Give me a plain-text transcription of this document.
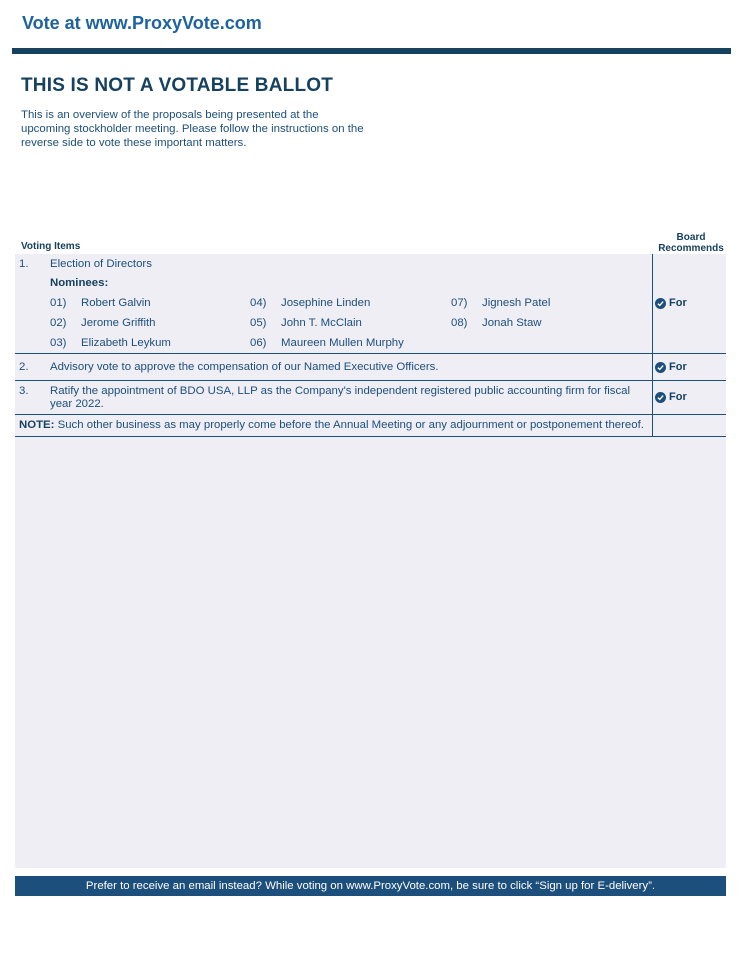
Vote at www.ProxyVote.com
THIS IS NOT A VOTABLE BALLOT
This is an overview of the proposals being presented at the upcoming stockholder meeting. Please follow the instructions on the reverse side to vote these important matters.
Board Recommends
Voting Items
1. Election of Directors
Nominees:
01) Robert Galvin
02) Jerome Griffith
03) Elizabeth Leykum
04) Josephine Linden
05) John T. McClain
06) Maureen Mullen Murphy
07) Jignesh Patel
08) Jonah Staw
For
2. Advisory vote to approve the compensation of our Named Executive Officers.	For
3. Ratify the appointment of BDO USA, LLP as the Company's independent registered public accounting firm for fiscal year 2022.
For
NOTE: Such other business as may properly come before the Annual Meeting or any adjournment or postponement thereof.
Prefer to receive an email instead? While voting on www.ProxyVote.com, be sure to click “Sign up for E-delivery”.
